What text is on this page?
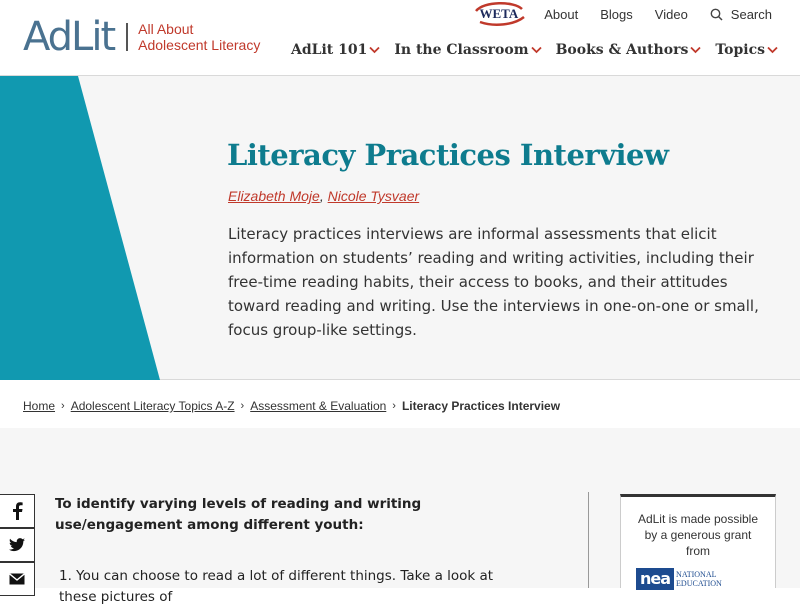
AdLit All About
Adolescent Literacy
WETA	About Blogs Video	Search
AdLit 101 In the Classroom Books & Authors Topics
Literacy Practices Interview
Elizabeth Moje, Nicole Tysvaer

Literacy practices interviews are informal assessments that elicit information on students’ reading and writing activities, including their free-time reading habits, their access to books, and their attitudes toward reading and writing. Use the interviews in one-on-one or small, focus group-like settings.

Home › Adolescent Literacy Topics A-Z › Assessment & Evaluation › Literacy Practices Interview

To identify varying levels of reading and writing use/engagement among different youth:

1. You can choose to read a lot of different things. Take a look at these pictures of

AdLit is made possible by a generous grant from
nea NATIONAL
EDUCATION
